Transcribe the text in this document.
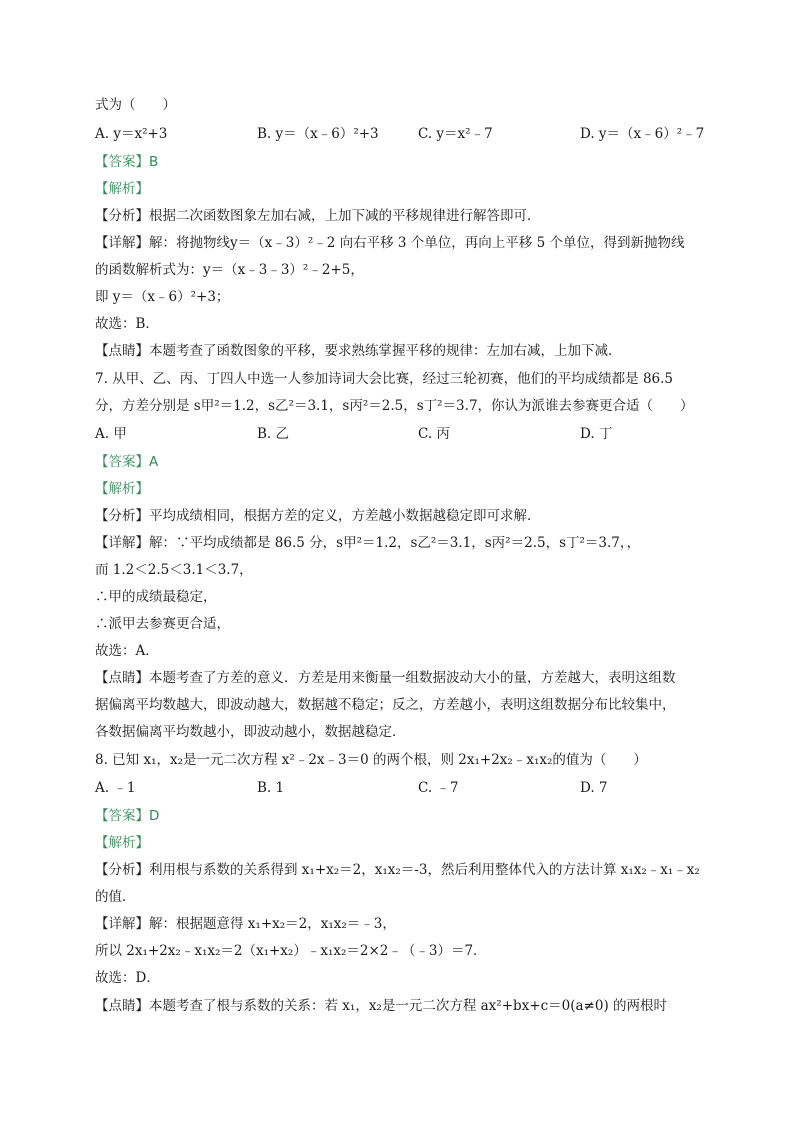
式为（　　）
A. y＝x²+3	B. y＝（x﹣6）²+3	C. y＝x²﹣7	D. y＝（x﹣6）²﹣7
【答案】B
【解析】
【分析】根据二次函数图象左加右减，上加下减的平移规律进行解答即可．
【详解】解：将抛物线y＝（x﹣3）²﹣2 向右平移 3 个单位，再向上平移 5 个单位，得到新抛物线
的函数解析式为：y＝（x﹣3﹣3）²﹣2+5，
即 y＝（x﹣6）²+3；
故选：B．
【点睛】本题考查了函数图象的平移，要求熟练掌握平移的规律：左加右减，上加下减．
7. 从甲、乙、丙、丁四人中选一人参加诗词大会比赛，经过三轮初赛，他们的平均成绩都是 86.5
分，方差分别是 s甲²＝1.2，s乙²＝3.1，s丙²＝2.5，s丁²＝3.7，你认为派谁去参赛更合适（　　）
A. 甲	B. 乙	C. 丙	D. 丁
【答案】A
【解析】
【分析】平均成绩相同，根据方差的定义，方差越小数据越稳定即可求解．
【详解】解：∵平均成绩都是 86.5 分，s甲²＝1.2，s乙²＝3.1，s丙²＝2.5，s丁²＝3.7，，
而 1.2＜2.5＜3.1＜3.7，
∴甲的成绩最稳定，
∴派甲去参赛更合适，
故选：A．
【点睛】本题考查了方差的意义．方差是用来衡量一组数据波动大小的量，方差越大，表明这组数
据偏离平均数越大，即波动越大，数据越不稳定；反之，方差越小，表明这组数据分布比较集中，
各数据偏离平均数越小，即波动越小，数据越稳定．
8. 已知 x₁，x₂是一元二次方程 x²﹣2x﹣3＝0 的两个根，则 2x₁+2x₂﹣x₁x₂的值为（　　）
A. ﹣1	B. 1	C. ﹣7	D. 7
【答案】D
【解析】
【分析】利用根与系数的关系得到 x₁+x₂＝2，x₁x₂＝-3，然后利用整体代入的方法计算 x₁x₂﹣x₁﹣x₂
的值．
【详解】解：根据题意得 x₁+x₂＝2，x₁x₂＝﹣3，
所以 2x₁+2x₂﹣x₁x₂＝2（x₁+x₂）﹣x₁x₂＝2×2﹣（﹣3）＝7．
故选：D．
【点睛】本题考查了根与系数的关系：若 x₁，x₂是一元二次方程 ax²+bx+c＝0(a≠0) 的两根时
